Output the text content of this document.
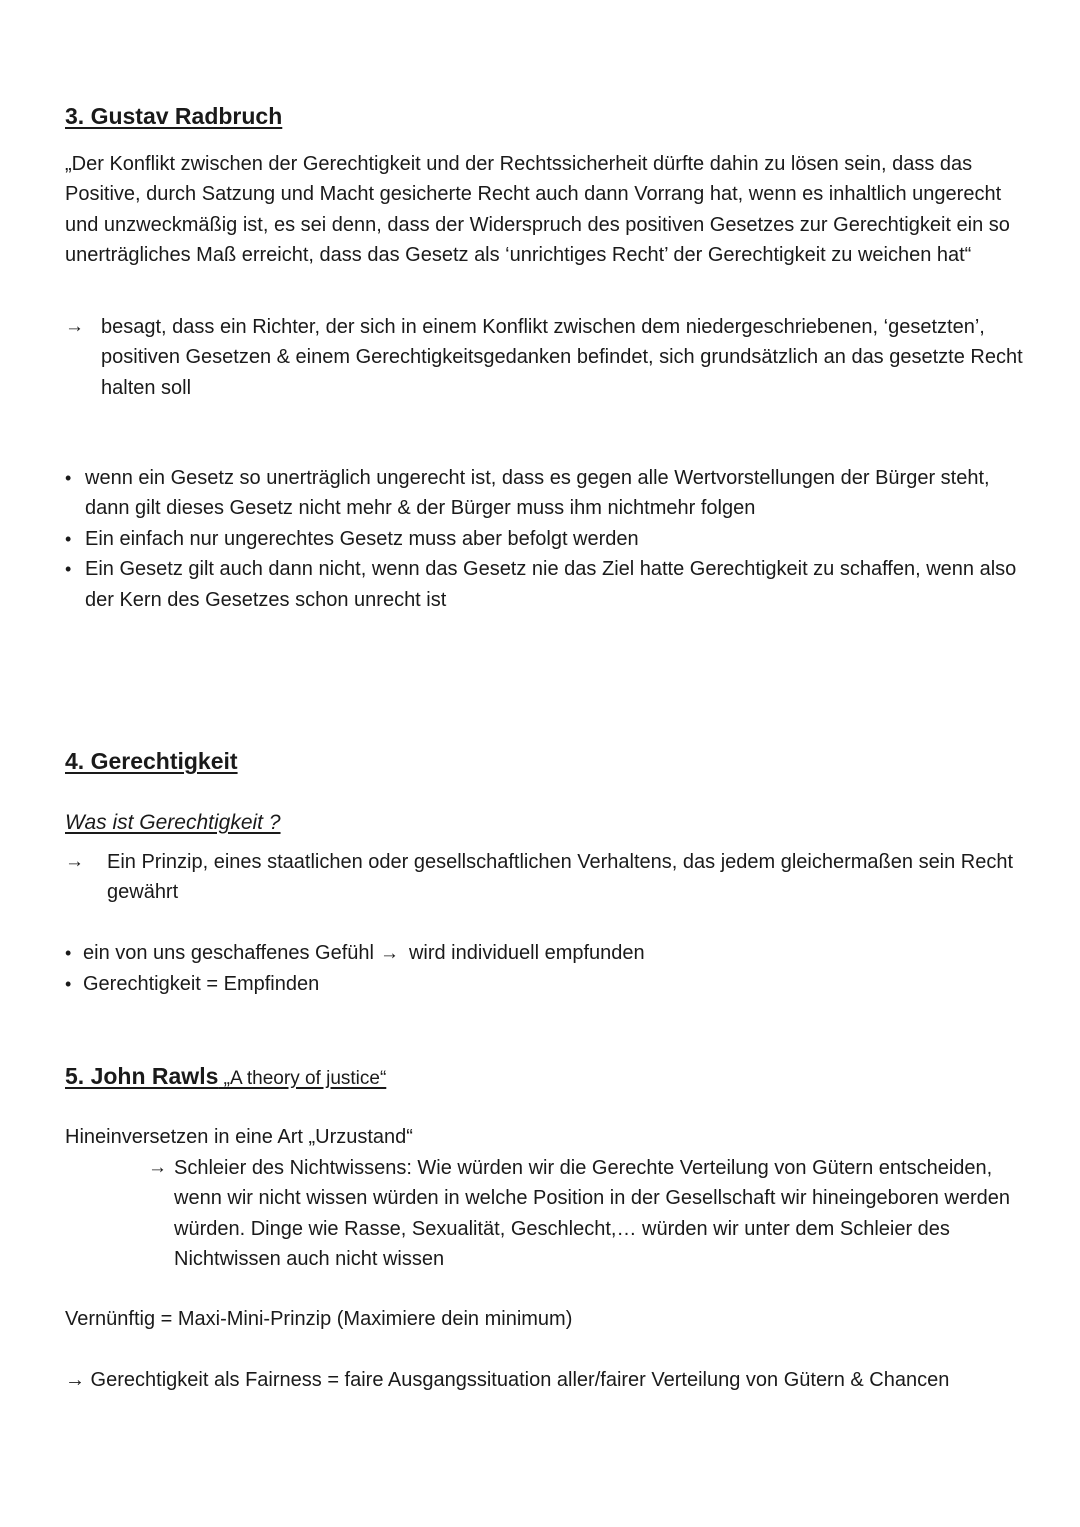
3. Gustav Radbruch

„Der Konflikt zwischen der Gerechtigkeit und der Rechtssicherheit dürfte dahin zu lösen sein, dass das Positive, durch Satzung und Macht gesicherte Recht auch dann Vorrang hat, wenn es inhaltlich ungerecht und unzweckmäßig ist, es sei denn, dass der Widerspruch des positiven Gesetzes zur Gerechtigkeit ein so unerträgliches Maß erreicht, dass das Gesetz als ‘unrichtiges Recht’ der Gerechtigkeit zu weichen hat“

→ besagt, dass ein Richter, der sich in einem Konflikt zwischen dem niedergeschriebenen, ‘gesetzten’, positiven Gesetzen & einem Gerechtigkeitsgedanken befindet, sich grundsätzlich an das gesetzte Recht halten soll
• wenn ein Gesetz so unerträglich ungerecht ist, dass es gegen alle Wertvorstellungen der Bürger steht, dann gilt dieses Gesetz nicht mehr & der Bürger muss ihm nichtmehr folgen
• Ein einfach nur ungerechtes Gesetz muss aber befolgt werden
• Ein Gesetz gilt auch dann nicht, wenn das Gesetz nie das Ziel hatte Gerechtigkeit zu schaffen, wenn also der Kern des Gesetzes schon unrecht ist
4. Gerechtigkeit
Was ist Gerechtigkeit ?
→	Ein Prinzip, eines staatlichen oder gesellschaftlichen Verhaltens, das jedem gleichermaßen sein Recht gewährt
• ein von uns geschaffenes Gefühl → wird individuell empfunden
• Gerechtigkeit = Empfinden
5. John Rawls „A theory of justice“

Hineinversetzen in eine Art „Urzustand“

→ Schleier des Nichtwissens: Wie würden wir die Gerechte Verteilung von Gütern entscheiden, wenn wir nicht wissen würden in welche Position in der Gesellschaft wir hineingeboren werden würden. Dinge wie Rasse, Sexualität, Geschlecht,… würden wir unter dem Schleier des Nichtwissen auch nicht wissen

Vernünftig = Maxi-Mini-Prinzip (Maximiere dein minimum)

→ Gerechtigkeit als Fairness = faire Ausgangssituation aller/fairer Verteilung von Gütern & Chancen
